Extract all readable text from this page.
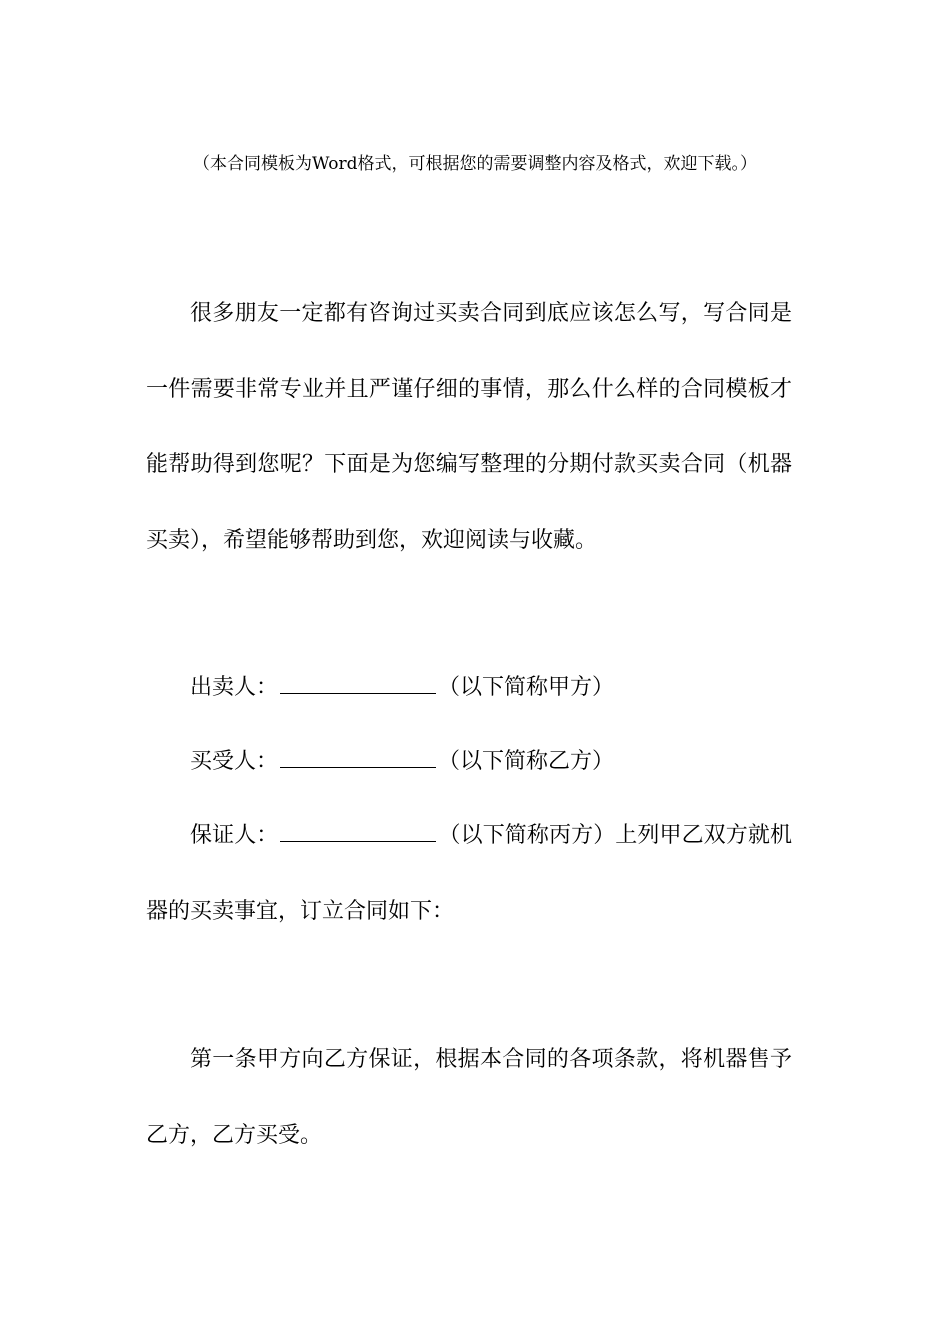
（本合同模板为Word格式，可根据您的需要调整内容及格式，欢迎下载。）

很多朋友一定都有咨询过买卖合同到底应该怎么写，写合同是一件需要非常专业并且严谨仔细的事情，那么什么样的合同模板才能帮助得到您呢？下面是为您编写整理的分期付款买卖合同（机器买卖），希望能够帮助到您，欢迎阅读与收藏。

出卖人：	（以下简称甲方）

买受人：	（以下简称乙方）

保证人：	（以下简称丙方）上列甲乙双方就机器的买卖事宜，订立合同如下：

第一条甲方向乙方保证，根据本合同的各项条款，将机器售予乙方，乙方买受。
